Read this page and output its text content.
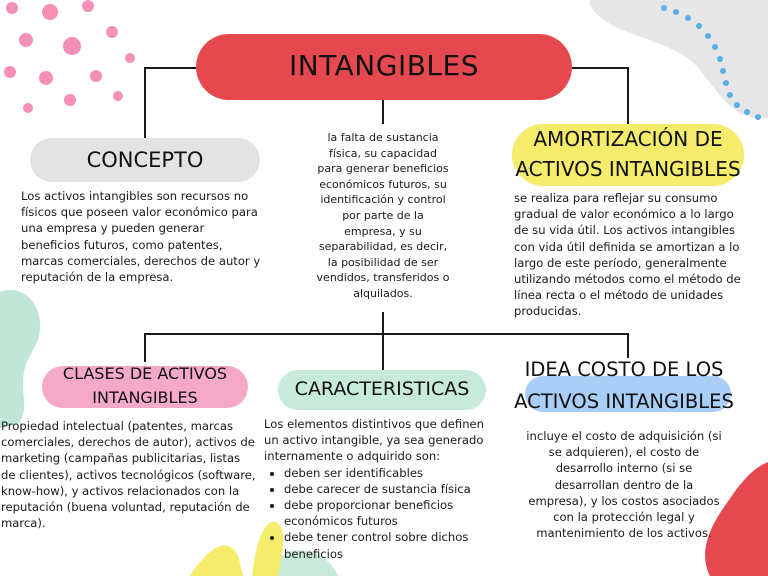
INTANGIBLES
CONCEPTO
Los activos intangibles son recursos no físicos que poseen valor económico para una empresa y pueden generar beneficios futuros, como patentes, marcas comerciales, derechos de autor y reputación de la empresa.
la falta de sustancia física, su capacidad para generar beneficios económicos futuros, su identificación y control por parte de la empresa, y su separabilidad, es decir, la posibilidad de ser vendidos, transferidos o alquilados.
AMORTIZACIÓN DE
ACTIVOS INTANGIBLES
se realiza para reflejar su consumo gradual de valor económico a lo largo de su vida útil. Los activos intangibles con vida útil definida se amortizan a lo largo de este período, generalmente utilizando métodos como el método de línea recta o el método de unidades producidas.
CLASES DE ACTIVOS
INTANGIBLES
Propiedad intelectual (patentes, marcas comerciales, derechos de autor), activos de marketing (campañas publicitarias, listas de clientes), activos tecnológicos (software, know-how), y activos relacionados con la reputación (buena voluntad, reputación de marca).
CARACTERISTICAS
Los elementos distintivos que definen un activo intangible, ya sea generado internamente o adquirido son:
• deben ser identificables
• debe carecer de sustancia física
• debe proporcionar beneficios económicos futuros
• debe tener control sobre dichos beneficios
IDEA COSTO DE LOS
ACTIVOS INTANGIBLES
incluye el costo de adquisición (si se adquieren), el costo de desarrollo interno (si se desarrollan dentro de la empresa), y los costos asociados con la protección legal y mantenimiento de los activos.
